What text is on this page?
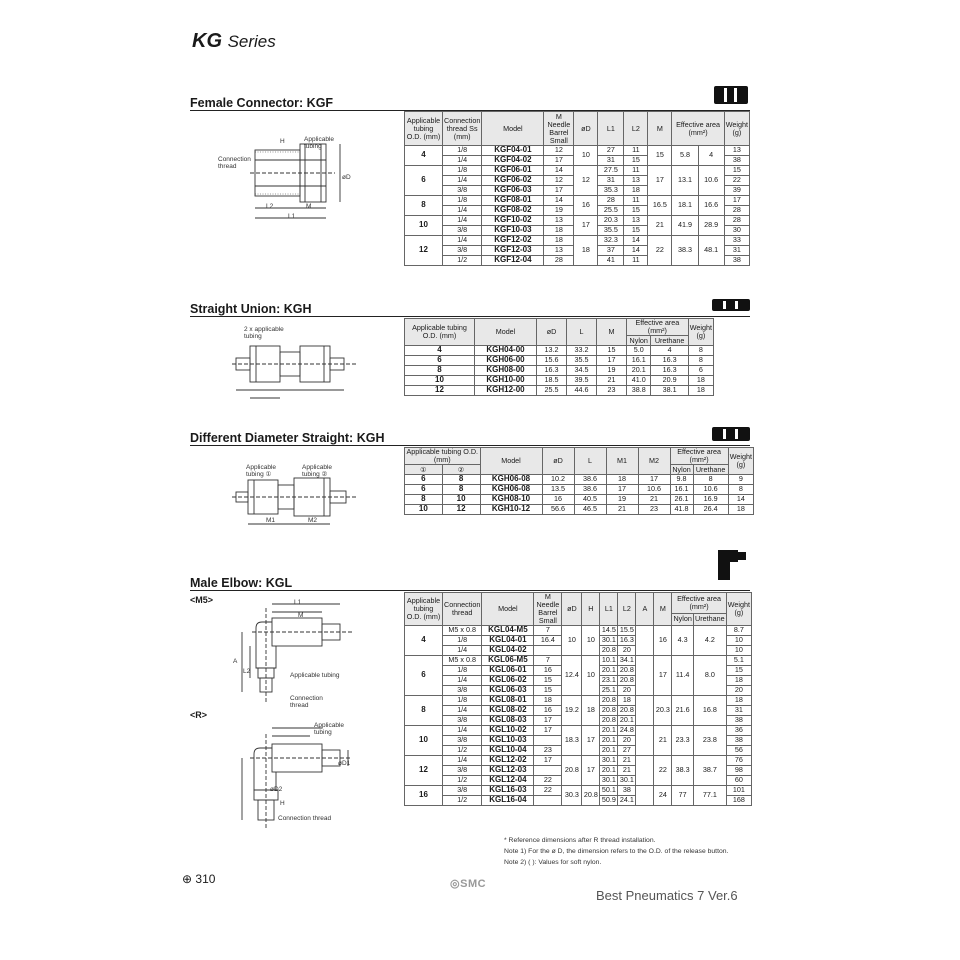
KG Series
Female Connector: KGF
Connection thread
Applicable tubing
H
L2	M
L1
øD
Applicable tubing O.D. (mm)	Connection thread Ss (mm)	Model	M Needle Barrel Small	øD	L1	L2	M	Effective area (mm²)		Weight (g)
4	1/8	KGF04-01	12	10	27	11	15	5.8	4	13
	1/4	KGF04-02	17		31	15				38
6	1/8	KGF06-01	14	12	27.5	11	17	13.1	10.6	15
	1/4	KGF06-02	12		31	13				22
	3/8	KGF06-03	17		35.3	18				39
8	1/8	KGF08-01	14	16	28	11	16.5	18.1	16.6	17
	1/4	KGF08-02	19		25.5	15				28
10	1/4	KGF10-02	13	17	20.3	13	21	41.9	28.9	28
	3/8	KGF10-03	18		35.5	15				30
12	1/4	KGF12-02	18	18	32.3	14	22	38.3	48.1	33
	3/8	KGF12-03	13		37	14				31
	1/2	KGF12-04	28		41	11				38
Straight Union: KGH
2 x applicable tubing
Applicable tubing O.D. (mm)	Model	øD	L	M	Effective area (mm²)		Weight (g)
					Nylon	Urethane	
4	KGH04-00	13.2	33.2	15	5.0	4	8
6	KGH06-00	15.6	35.5	17	16.1	16.3	8
8	KGH08-00	16.3	34.5	19	20.1	16.3	6
10	KGH10-00	18.5	39.5	21	41.0	20.9	18
12	KGH12-00	25.5	44.6	23	38.8	38.1	18
Different Diameter Straight: KGH
Applicable tubing ①
Applicable tubing ②
M1	M2
Applicable tubing O.D. (mm)		Model	øD	L	M1	M2	Effective area (mm²)		Weight (g)
①	②						Nylon	Urethane	
6	8	KGH06-08	10.2	38.6	18	17	9.8	8	9
6	8	KGH06-08	13.5	38.6	17	10.6	16.1	10.6	8
8	10	KGH08-10	16	40.5	19	21	26.1	16.9	14
10	12	KGH10-12	56.6	46.5	21	23	41.8	26.4	18
Male Elbow: KGL
<M5>
<R>
L1
M
A
L2
Applicable tubing
Connection thread
Applicable tubing
øD1
øD2
H
Connection thread
Applicable tubing O.D. (mm)	Connection thread	Model	M Needle Barrel Small	øD	H	L1	L2	A	M	Effective area (mm²)		Weight (g)
										Nylon	Urethane	
4	M5 x 0.8	KGL04-M5	7	10	10	14.5	15.5		16	4.3	4.2	8.7
	1/8	KGL04-01	16.4			30.1	16.3					10
	1/4	KGL04-02				20.8	20					10
6	M5 x 0.8	KGL06-M5	7	12.4	10	10.1	34.1		17	11.4	8.0	5.1
	1/8	KGL06-01	16			20.1	20.8					15
	1/4	KGL06-02	15			23.1	20.8					18
	3/8	KGL06-03	15			25.1	20					20
8	1/8	KGL08-01	18	19.2	18	20.8	18		20.3	21.6	16.8	18
	1/4	KGL08-02	16			20.8	20.8					31
	3/8	KGL08-03	17			20.8	20.1					38
10	1/4	KGL10-02	17	18.3	17	20.1	24.8		21	23.3	23.8	36
	3/8	KGL10-03				20.1	20					38
	1/2	KGL10-04	23			20.1	27					56
12	1/4	KGL12-02	17	20.8	17	30.1	21		22	38.3	38.7	76
	3/8	KGL12-03				20.1	21					98
	1/2	KGL12-04	22			30.1	30.1					60
16	3/8	KGL16-03	22	30.3	20.8	50.1	38		24	77	77.1	101
	1/2	KGL16-04				50.9	24.1					168
* Reference dimensions after R thread installation.
Note 1) For the ø D, the dimension refers to the O.D. of the release button.
Note 2) ( ): Values for soft nylon.
⊕ 310	◎SMC
Best Pneumatics 7 Ver.6
